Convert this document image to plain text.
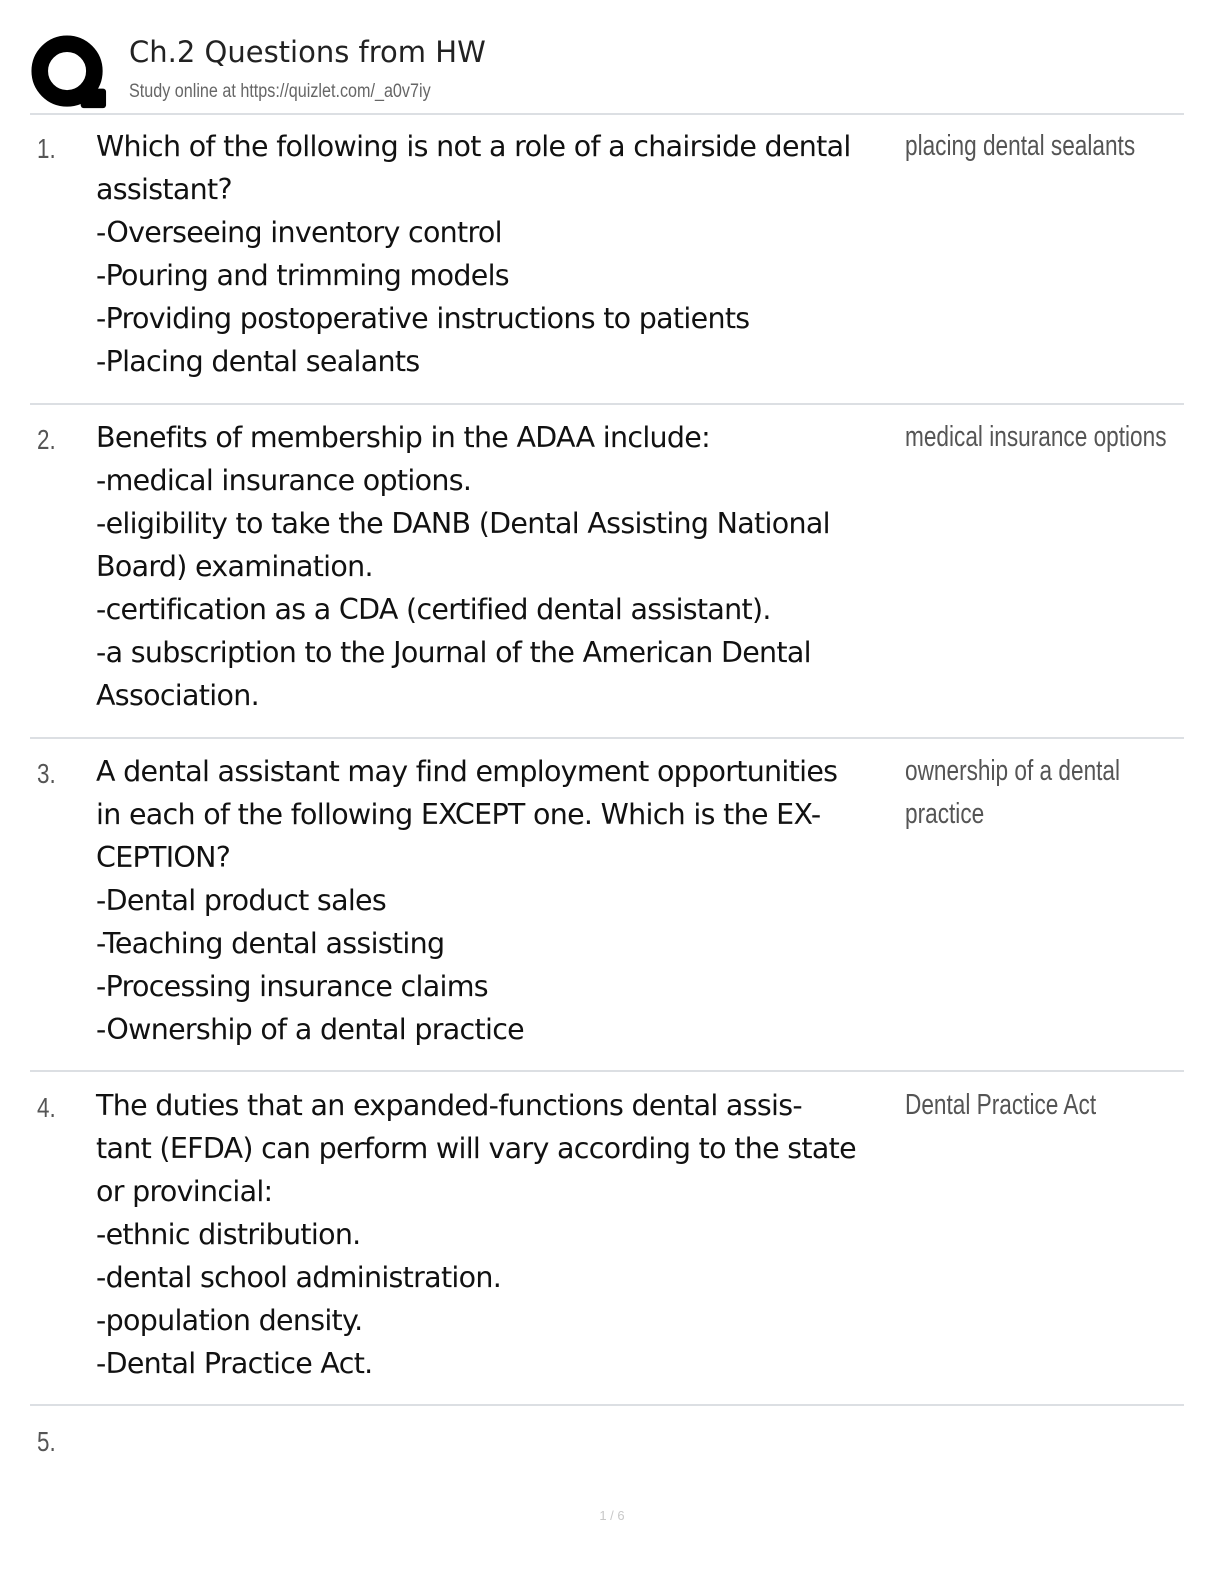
Ch.2 Questions from HW
Study online at https://quizlet.com/_a0v7iy
1. Which of the following is not a role of a chairside dental
assistant?
-Overseeing inventory control
-Pouring and trimming models
-Providing postoperative instructions to patients
-Placing dental sealants
placing dental sealants
2. Benefits of membership in the ADAA include:
-medical insurance options.
-eligibility to take the DANB (Dental Assisting National
Board) examination.
-certification as a CDA (certified dental assistant).
-a subscription to the Journal of the American Dental
Association.
medical insurance options
3. A dental assistant may find employment opportunities
in each of the following EXCEPT one. Which is the EX-
CEPTION?
-Dental product sales
-Teaching dental assisting
-Processing insurance claims
-Ownership of a dental practice
ownership of a dental
practice
4. The duties that an expanded-functions dental assis-
tant (EFDA) can perform will vary according to the state
or provincial:
-ethnic distribution.
-dental school administration.
-population density.
-Dental Practice Act.
Dental Practice Act
5.
1 / 6
